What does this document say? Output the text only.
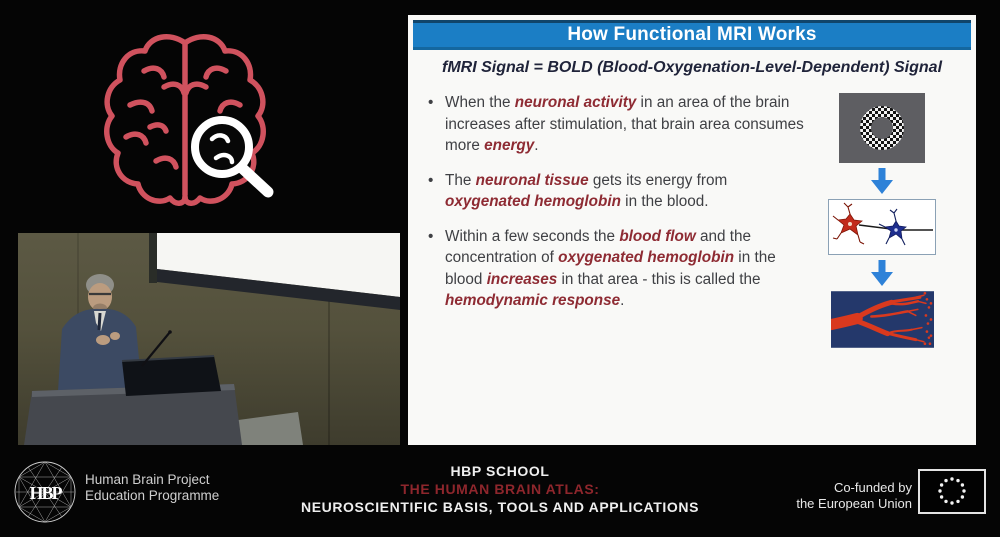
How Functional MRI Works
fMRI Signal = BOLD (Blood-Oxygenation-Level-Dependent) Signal
• When the neuronal activity in an area of the brain increases after stimulation, that brain area consumes more energy.
• The neuronal tissue gets its energy from oxygenated hemoglobin in the blood.
• Within a few seconds the blood flow and the concentration of oxygenated hemoglobin in the blood increases in that area - this is called the hemodynamic response.
HBP
Human Brain Project
Education Programme
HBP SCHOOL
THE HUMAN BRAIN ATLAS:
NEUROSCIENTIFIC BASIS, TOOLS AND APPLICATIONS
Co-funded by
the European Union
